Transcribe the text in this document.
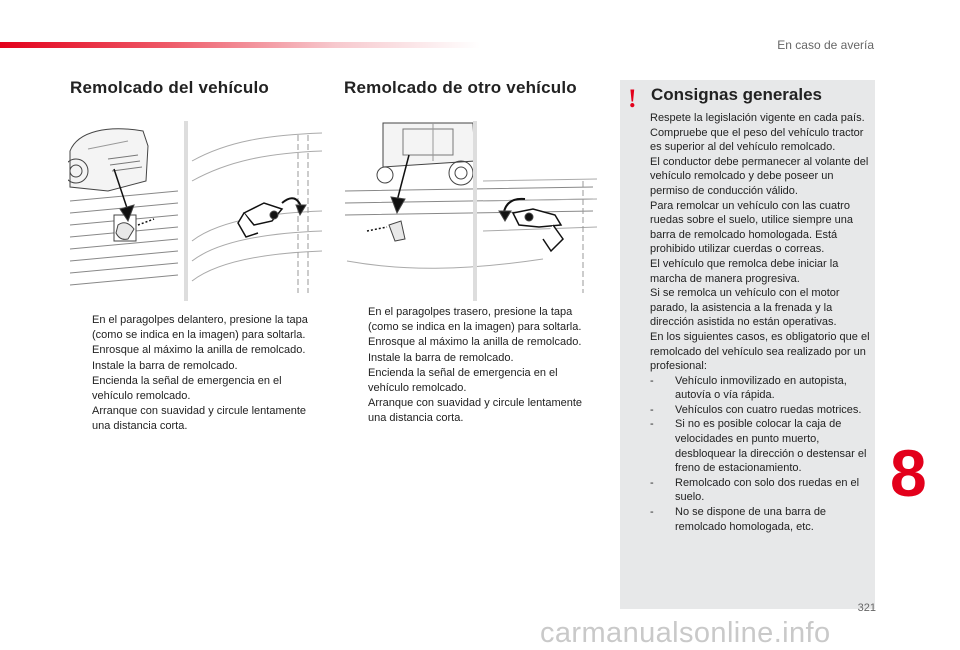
En caso de avería
Remolcado del vehículo	Remolcado de otro vehículo
En el paragolpes delantero, presione la tapa (como se indica en la imagen) para soltarla.
Enrosque al máximo la anilla de remolcado.
Instale la barra de remolcado.
Encienda la señal de emergencia en el vehículo remolcado.
Arranque con suavidad y circule lentamente una distancia corta.
En el paragolpes trasero, presione la tapa (como se indica en la imagen) para soltarla.
Enrosque al máximo la anilla de remolcado.
Instale la barra de remolcado.
Encienda la señal de emergencia en el vehículo remolcado.
Arranque con suavidad y circule lentamente una distancia corta.
! Consignas generales

Respete la legislación vigente en cada país.

Compruebe que el peso del vehículo tractor es superior al del vehículo remolcado.

El conductor debe permanecer al volante del vehículo remolcado y debe poseer un permiso de conducción válido.

Para remolcar un vehículo con las cuatro ruedas sobre el suelo, utilice siempre una barra de remolcado homologada. Está prohibido utilizar cuerdas o correas.

El vehículo que remolca debe iniciar la marcha de manera progresiva.

Si se remolca un vehículo con el motor parado, la asistencia a la frenada y la dirección asistida no están operativas.

En los siguientes casos, es obligatorio que el remolcado del vehículo sea realizado por un profesional:

- Vehículo inmovilizado en autopista, autovía o vía rápida.
- Vehículos con cuatro ruedas motrices.
- Si no es posible colocar la caja de velocidades en punto muerto, desbloquear la dirección o destensar el freno de estacionamiento.
- Remolcado con solo dos ruedas en el suelo.
- No se dispone de una barra de remolcado homologada, etc.
8
321
carmanualsonline.info
